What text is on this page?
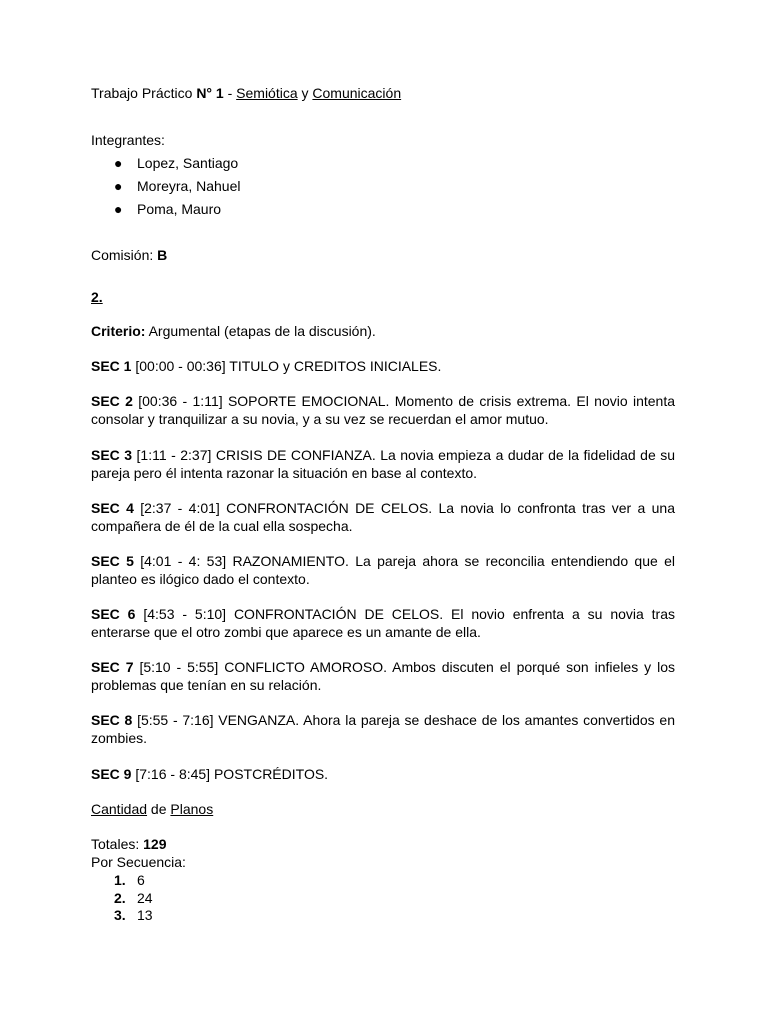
Trabajo Práctico N° 1 - Semiótica y Comunicación
Integrantes:
● Lopez, Santiago
● Moreyra, Nahuel
● Poma, Mauro
Comisión: B
2.
Criterio: Argumental (etapas de la discusión).
SEC 1 [00:00 - 00:36] TITULO y CREDITOS INICIALES.
SEC 2 [00:36 - 1:11] SOPORTE EMOCIONAL. Momento de crisis extrema. El novio intenta consolar y tranquilizar a su novia, y a su vez se recuerdan el amor mutuo.
SEC 3 [1:11 - 2:37] CRISIS DE CONFIANZA. La novia empieza a dudar de la fidelidad de su pareja pero él intenta razonar la situación en base al contexto.
SEC 4 [2:37 - 4:01] CONFRONTACIÓN DE CELOS. La novia lo confronta tras ver a una compañera de él de la cual ella sospecha.
SEC 5 [4:01 - 4: 53] RAZONAMIENTO. La pareja ahora se reconcilia entendiendo que el planteo es ilógico dado el contexto.
SEC 6 [4:53 - 5:10] CONFRONTACIÓN DE CELOS. El novio enfrenta a su novia tras enterarse que el otro zombi que aparece es un amante de ella.
SEC 7 [5:10 - 5:55] CONFLICTO AMOROSO. Ambos discuten el porqué son infieles y los problemas que tenían en su relación.
SEC 8 [5:55 - 7:16] VENGANZA. Ahora la pareja se deshace de los amantes convertidos en zombies.
SEC 9 [7:16 - 8:45] POSTCRÉDITOS.
Cantidad de Planos
Totales: 129
Por Secuencia:
1. 6
2. 24
3. 13
